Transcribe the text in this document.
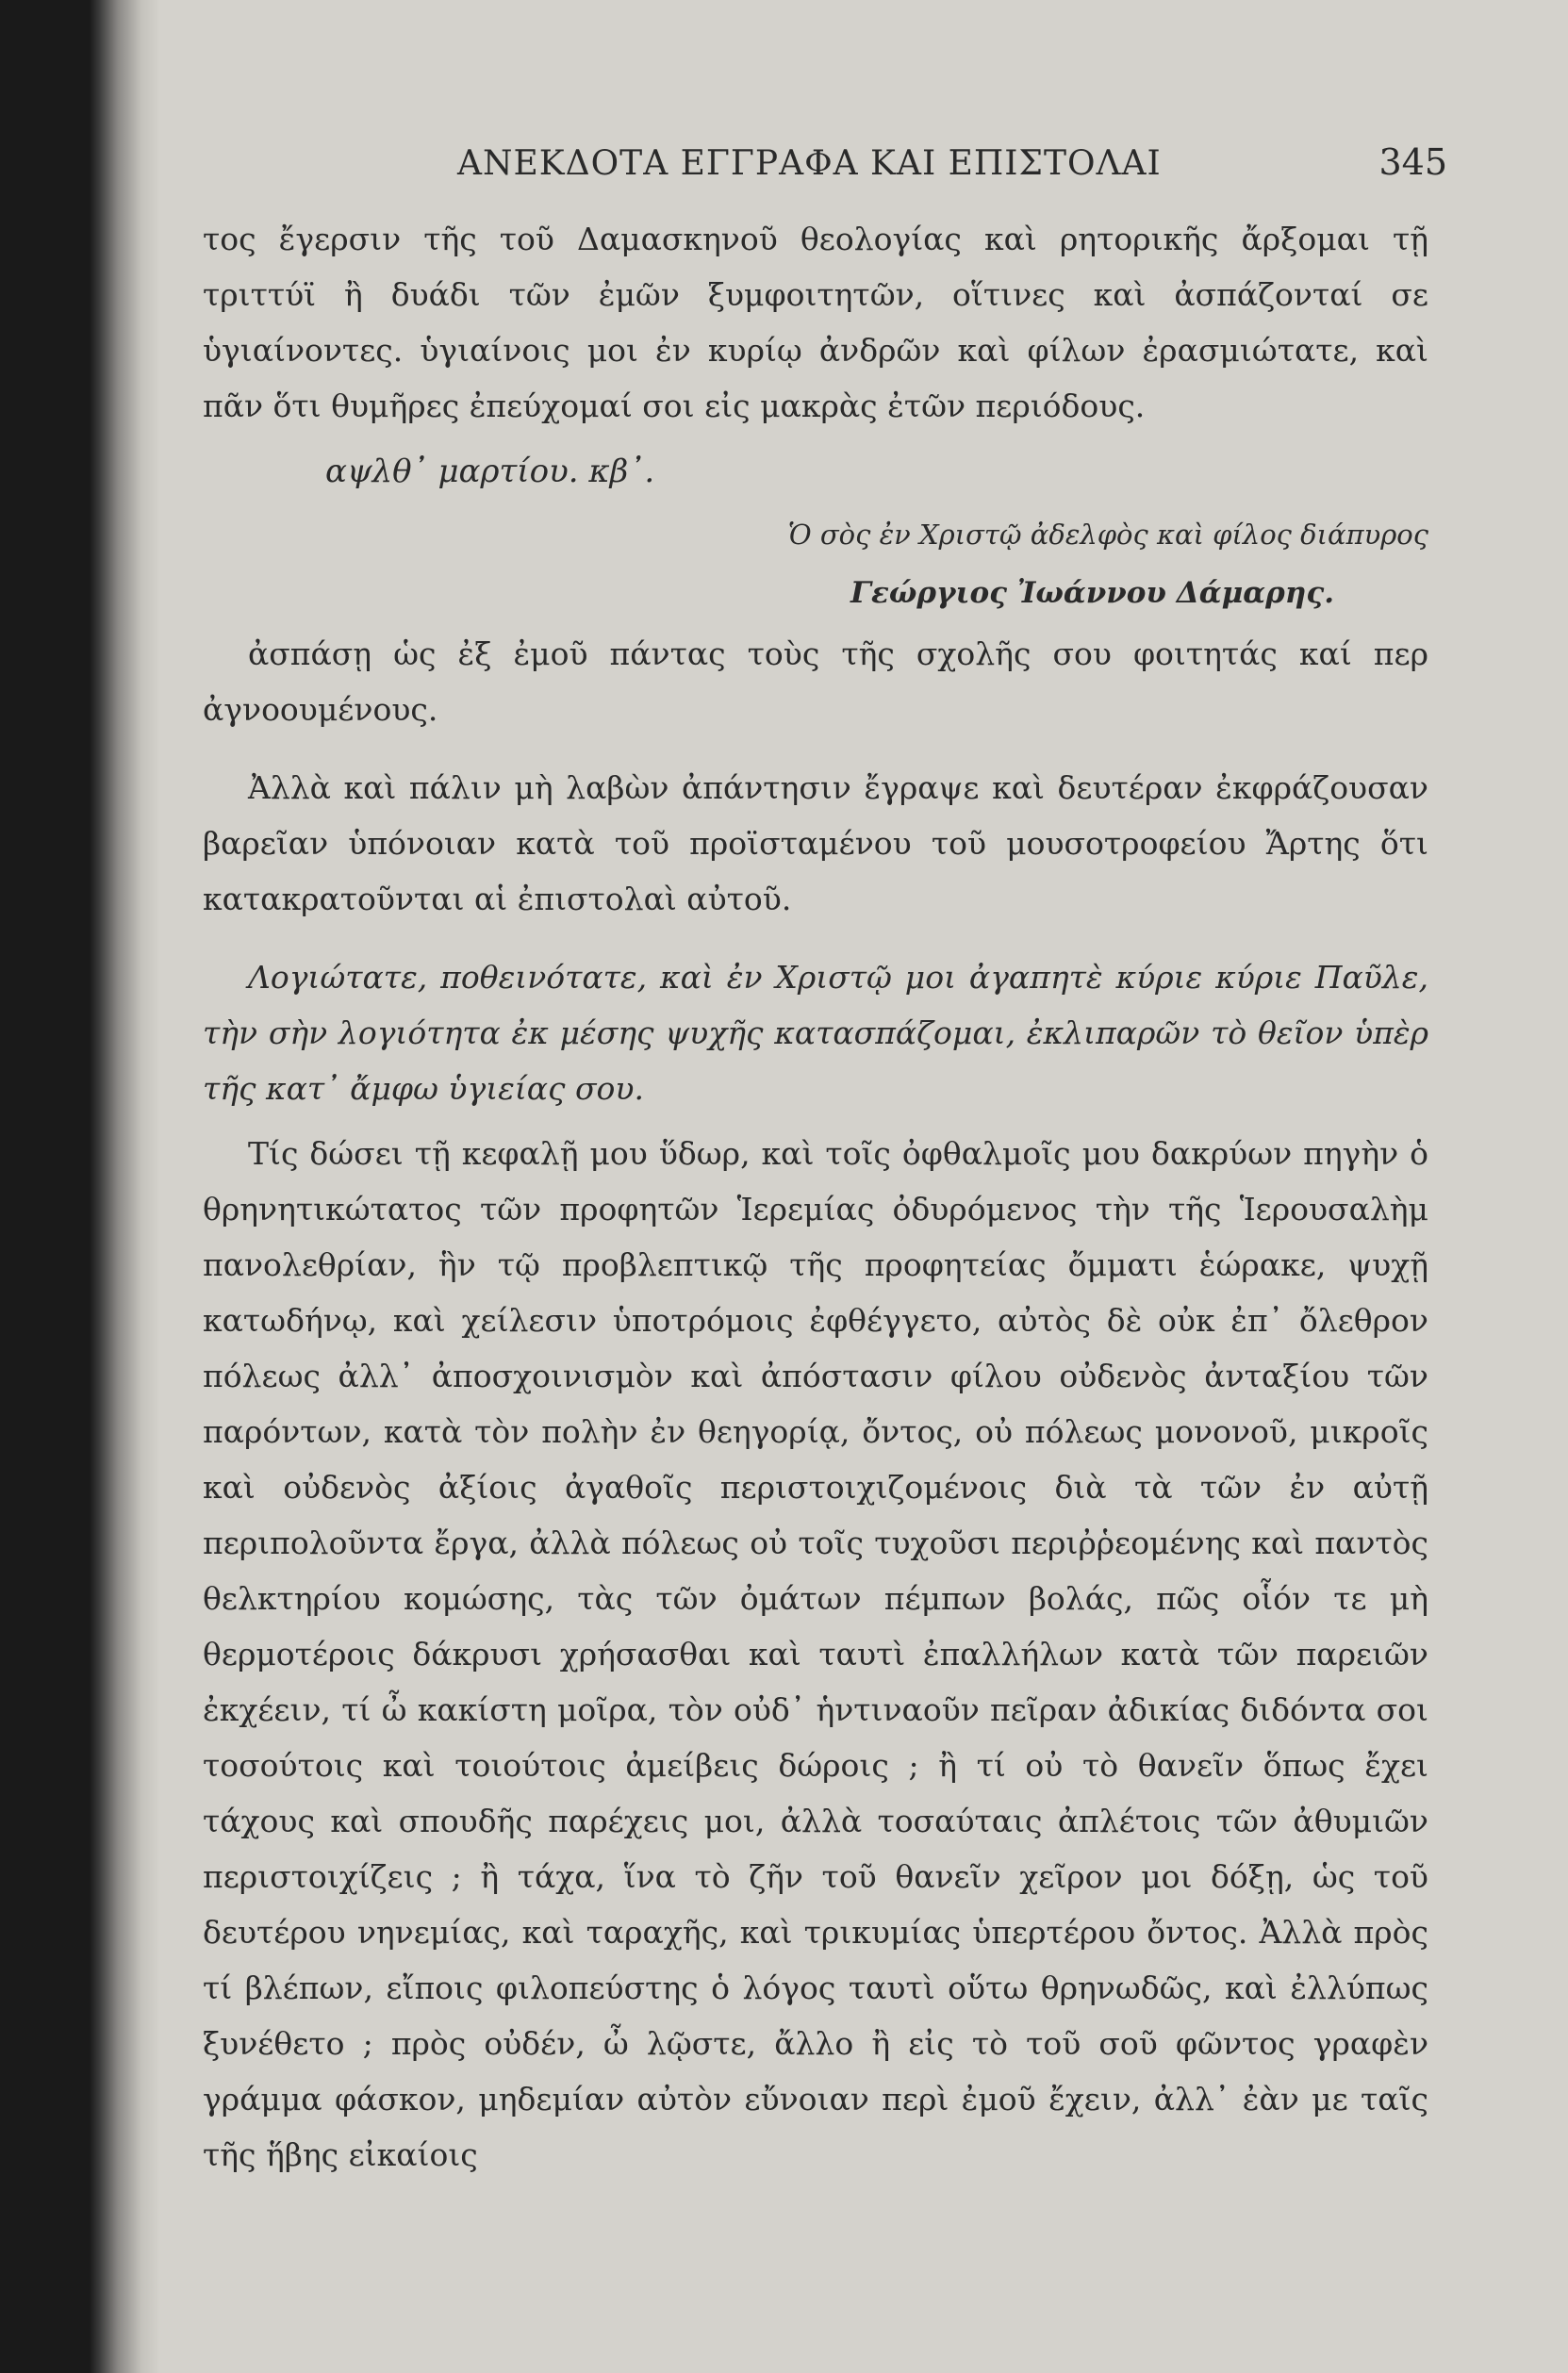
ΑΝΕΚΔΟΤΑ ΕΓΓΡΑΦΑ ΚΑΙ ΕΠΙΣΤΟΛΑΙ	345

τος ἔγερσιν τῆς τοῦ Δαμασκηνοῦ θεολογίας καὶ ρητορικῆς ἄρξομαι τῇ τριττύϊ ἢ δυάδι τῶν ἐμῶν ξυμφοιτητῶν, οἵτινες καὶ ἀσπάζονταί σε ὑγιαίνοντες. ὑγιαίνοις μοι ἐν κυρίῳ ἀνδρῶν καὶ φίλων ἐρασμιώτατε, καὶ πᾶν ὅτι θυμῆρες ἐπεύχομαί σοι εἰς μακρὰς ἐτῶν περιόδους.

αψλθ᾽ μαρτίου. κβ᾽.

Ὁ σὸς ἐν Χριστῷ ἀδελφὸς καὶ φίλος διάπυρος

Γεώργιος Ἰωάννου Δάμαρης.

ἀσπάσῃ ὡς ἐξ ἐμοῦ πάντας τοὺς τῆς σχολῆς σου φοιτητάς καί περ ἀγνοουμένους.

Ἀλλὰ καὶ πάλιν μὴ λαβὼν ἀπάντησιν ἔγραψε καὶ δευτέραν ἐκφράζουσαν βαρεῖαν ὑπόνοιαν κατὰ τοῦ προϊσταμένου τοῦ μουσοτροφείου Ἄρτης ὅτι κατακρατοῦνται αἱ ἐπιστολαὶ αὐτοῦ.

Λογιώτατε, ποθεινότατε, καὶ ἐν Χριστῷ μοι ἀγαπητὲ κύριε κύριε Παῦλε, τὴν σὴν λογιότητα ἐκ μέσης ψυχῆς κατασπάζομαι, ἐκλιπαρῶν τὸ θεῖον ὑπὲρ τῆς κατ᾽ ἄμφω ὑγιείας σου.

Τίς δώσει τῇ κεφαλῇ μου ὕδωρ, καὶ τοῖς ὀφθαλμοῖς μου δακρύων πηγὴν ὁ θρηνητικώτατος τῶν προφητῶν Ἱερεμίας ὀδυρόμενος τὴν τῆς Ἱερουσαλὴμ πανολεθρίαν, ἣν τῷ προβλεπτικῷ τῆς προφητείας ὄμματι ἑώρακε, ψυχῇ κατωδήνῳ, καὶ χείλεσιν ὑποτρόμοις ἐφθέγγετο, αὐτὸς δὲ οὐκ ἐπ᾽ ὄλεθρον πόλεως ἀλλ᾽ ἀποσχοινισμὸν καὶ ἀπόστασιν φίλου οὐδενὸς ἀνταξίου τῶν παρόντων, κατὰ τὸν πολὴν ἐν θεηγορίᾳ, ὄντος, οὐ πόλεως μονονοῦ, μικροῖς καὶ οὐδενὸς ἀξίοις ἀγαθοῖς περιστοιχιζομένοις διὰ τὰ τῶν ἐν αὐτῇ περιπολοῦντα ἔργα, ἀλλὰ πόλεως οὐ τοῖς τυχοῦσι περιῤῥεομένης καὶ παντὸς θελκτηρίου κομώσης, τὰς τῶν ὀμάτων πέμπων βολάς, πῶς οἷόν τε μὴ θερμοτέροις δάκρυσι χρήσασθαι καὶ ταυτὶ ἐπαλλήλων κατὰ τῶν παρειῶν ἐκχέειν, τί ὦ κακίστη μοῖρα, τὸν οὐδ᾽ ἡντιναοῦν πεῖραν ἀδικίας διδόντα σοι τοσούτοις καὶ τοιούτοις ἀμείβεις δώροις ; ἢ τί οὐ τὸ θανεῖν ὅπως ἔχει τάχους καὶ σπουδῆς παρέχεις μοι, ἀλλὰ τοσαύταις ἀπλέτοις τῶν ἀθυμιῶν περιστοιχίζεις ; ἢ τάχα, ἵνα τὸ ζῆν τοῦ θανεῖν χεῖρον μοι δόξῃ, ὡς τοῦ δευτέρου νηνεμίας, καὶ ταραχῆς, καὶ τρικυμίας ὑπερτέρου ὄντος. Ἀλλὰ πρὸς τί βλέπων, εἴποις φιλοπεύστης ὁ λόγος ταυτὶ οὕτω θρηνωδῶς, καὶ ἐλλύπως ξυνέθετο ; πρὸς οὐδέν, ὦ λῷστε, ἄλλο ἢ εἰς τὸ τοῦ σοῦ φῶντος γραφὲν γράμμα φάσκον, μηδεμίαν αὐτὸν εὔνοιαν περὶ ἐμοῦ ἔχειν, ἀλλ᾽ ἐὰν με ταῖς τῆς ἥβης εἰκαίοις
